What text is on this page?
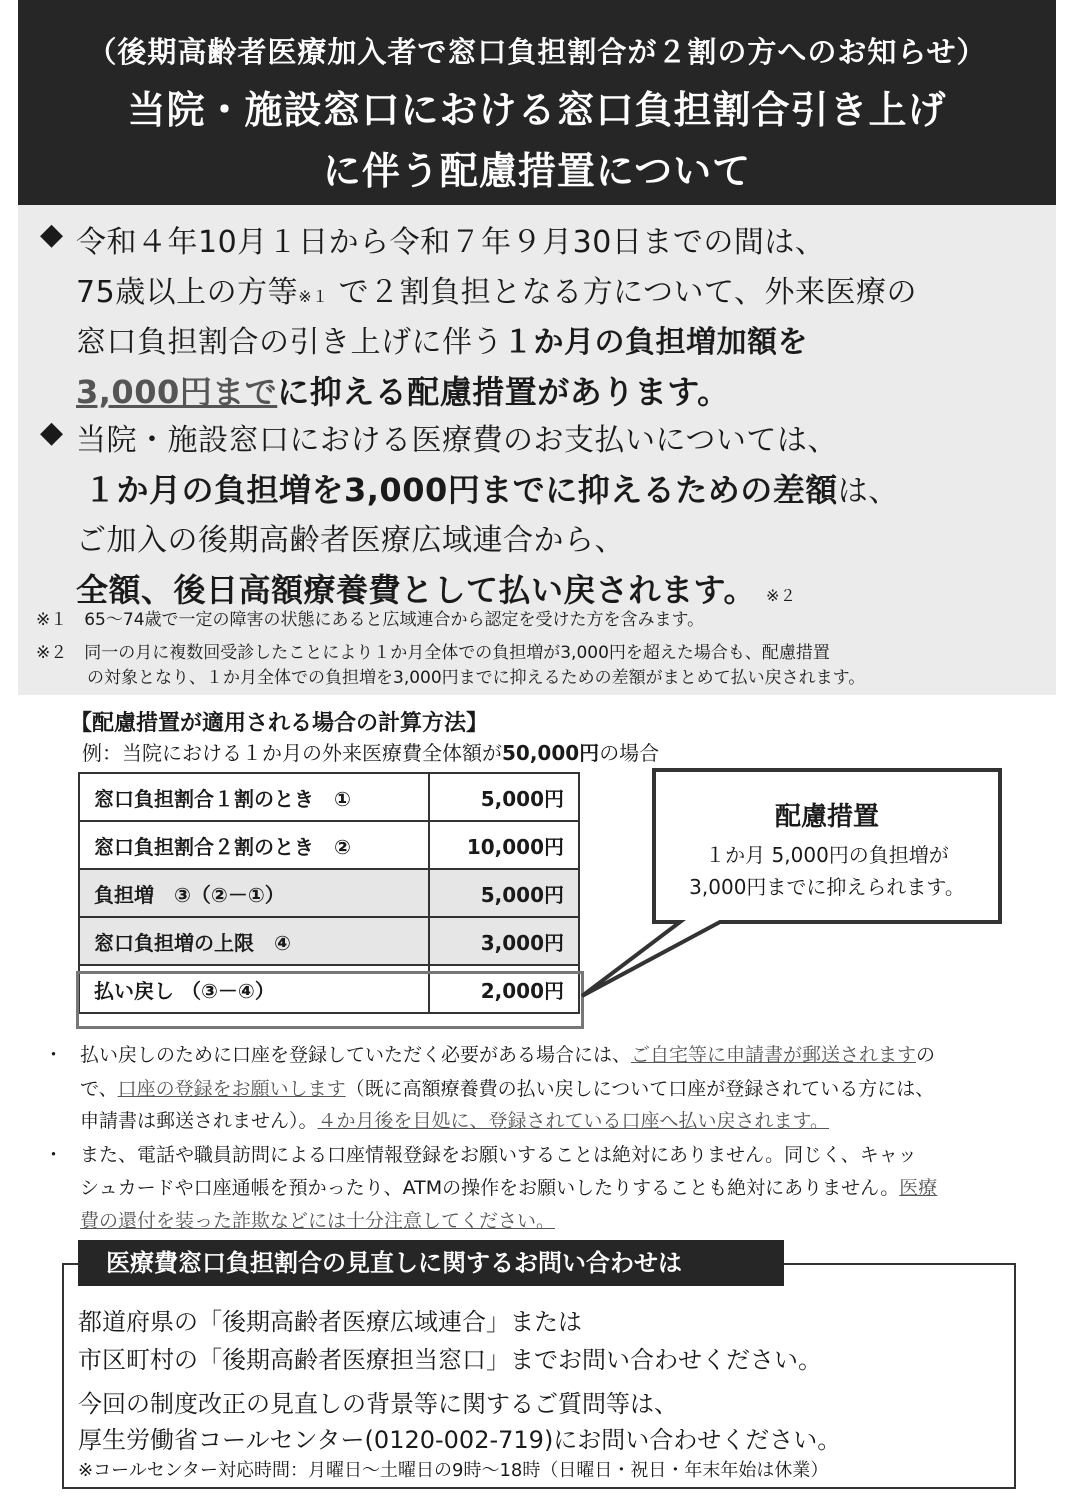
（後期高齢者医療加入者で窓口負担割合が２割の方へのお知らせ）
当院・施設窓口における窓口負担割合引き上げ
に伴う配慮措置について
◆ 令和４年10月１日から令和７年９月30日までの間は、
75歳以上の方等※１ で２割負担となる方について、外来医療の
窓口負担割合の引き上げに伴う１か月の負担増加額を
3,000円までに抑える配慮措置があります。
◆ 当院・施設窓口における医療費のお支払いについては、
１か月の負担増を3,000円までに抑えるための差額は、
ご加入の後期高齢者医療広域連合から、
全額、後日高額療養費として払い戻されます。 ※２
※１　65～74歳で一定の障害の状態にあると広域連合から認定を受けた方を含みます。
※２　同一の月に複数回受診したことにより１か月全体での負担増が3,000円を超えた場合も、配慮措置
　　　の対象となり、１か月全体での負担増を3,000円までに抑えるための差額がまとめて払い戻されます。
【配慮措置が適用される場合の計算方法】
例：当院における１か月の外来医療費全体額が50,000円の場合
窓口負担割合１割のとき　①	5,000円
窓口負担割合２割のとき　②	10,000円
負担増　③（②－①）	5,000円
窓口負担増の上限　④	3,000円
払い戻し （③－④）	2,000円
配慮措置
１か月 5,000円の負担増が
3,000円までに抑えられます。
・ 払い戻しのために口座を登録していただく必要がある場合には、ご自宅等に申請書が郵送されますの
で、口座の登録をお願いします（既に高額療養費の払い戻しについて口座が登録されている方には、
申請書は郵送されません）。４か月後を目処に、登録されている口座へ払い戻されます。
・ また、電話や職員訪問による口座情報登録をお願いすることは絶対にありません。同じく、キャッ
シュカードや口座通帳を預かったり、ATMの操作をお願いしたりすることも絶対にありません。医療
費の還付を装った詐欺などには十分注意してください。
医療費窓口負担割合の見直しに関するお問い合わせは
都道府県の「後期高齢者医療広域連合」または
市区町村の「後期高齢者医療担当窓口」までお問い合わせください。
今回の制度改正の見直しの背景等に関するご質問等は、
厚生労働省コールセンター(0120-002-719)にお問い合わせください。
※コールセンター対応時間：月曜日～土曜日の9時～18時（日曜日・祝日・年末年始は休業）
